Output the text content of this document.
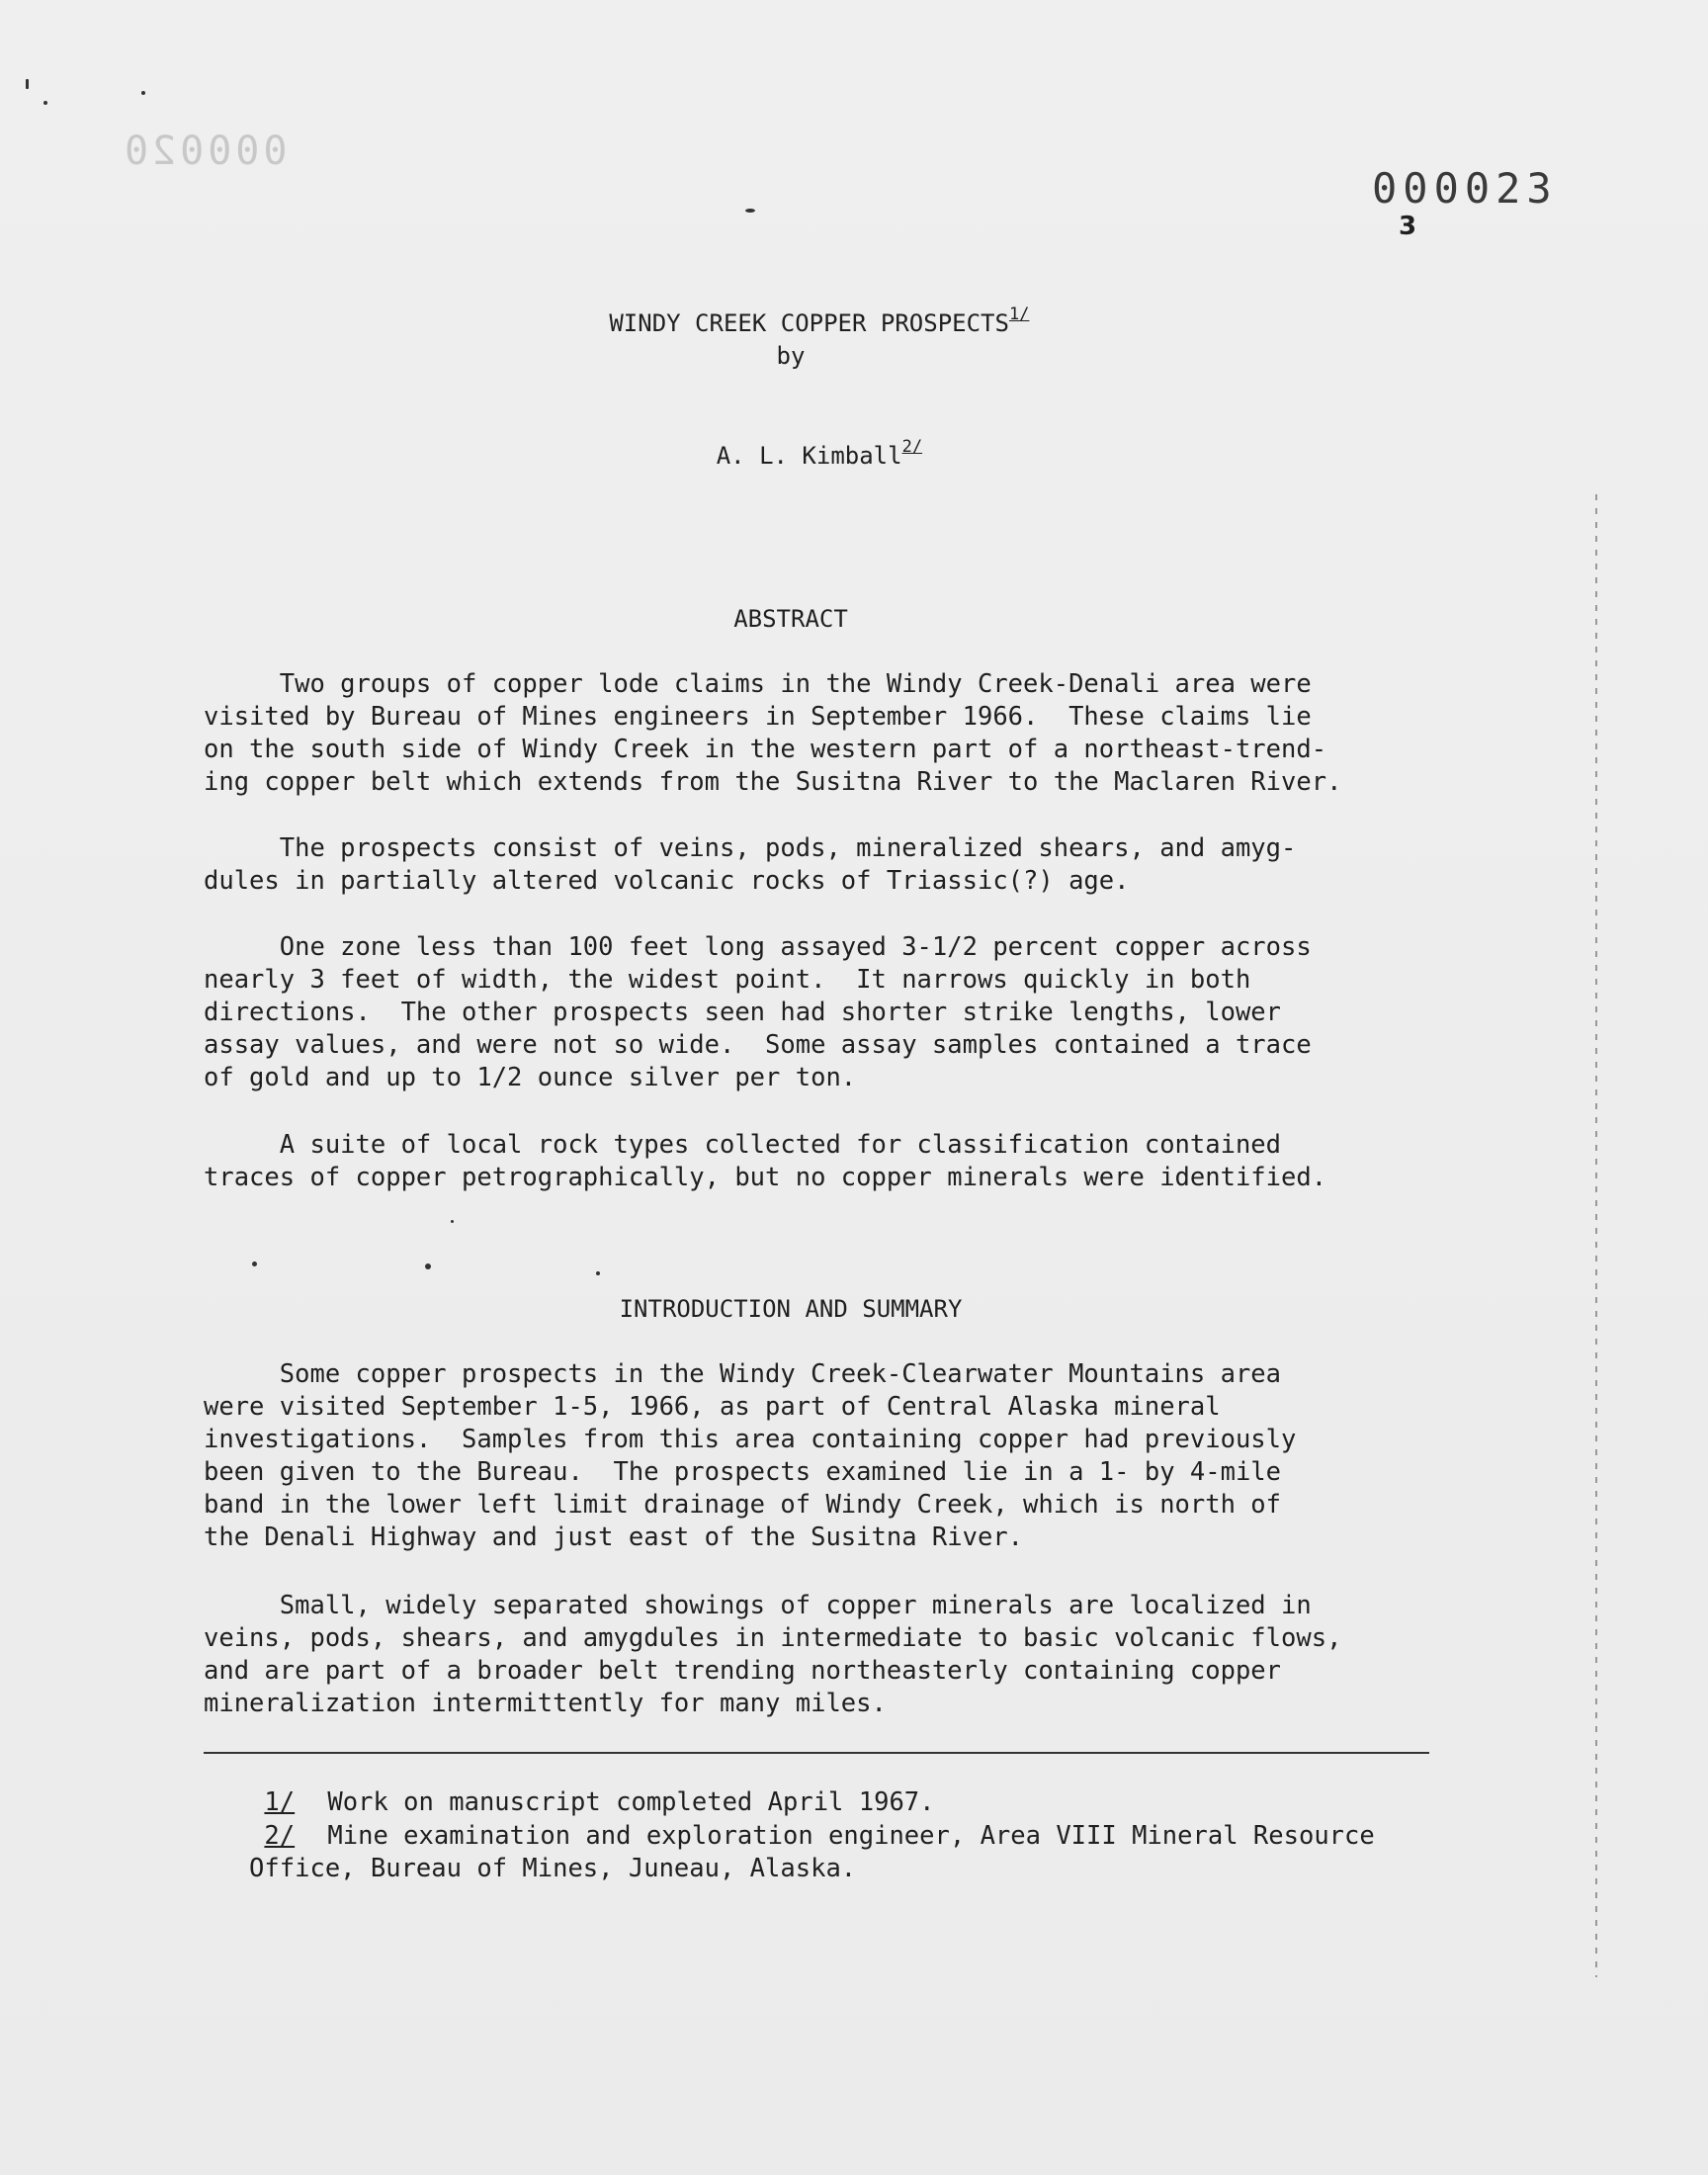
000020
000023
3

WINDY CREEK COPPER $PROSPECTS^{1/}$

by

A. L. Kimball$^{2/}$

ABSTRACT

Two groups of copper lode claims in the Windy Creek-Denali area were
visited by Bureau of Mines engineers in September 1966.  These claims lie
on the south side of Windy Creek in the western part of a northeast-trend-
ing copper belt which extends from the Susitna River to the Maclaren River.

The prospects consist of veins, pods, mineralized shears, and amyg-
dules in partially altered volcanic rocks of Triassic(?) age.

One zone less than 100 feet long assayed 3-1/2 percent copper across
nearly 3 feet of width, the widest point.  It narrows quickly in both
directions.  The other prospects seen had shorter strike lengths, lower
assay values, and were not so wide.  Some assay samples contained a trace
of gold and up to 1/2 ounce silver per ton.

A suite of local rock types collected for classification contained
traces of copper petrographically, but no copper minerals were identified.

INTRODUCTION AND SUMMARY

Some copper prospects in the Windy Creek-Clearwater Mountains area
were visited September 1-5, 1966, as part of Central Alaska mineral
investigations.  Samples from this area containing copper had previously
been given to the Bureau.  The prospects examined lie in a 1- by 4-mile
band in the lower left limit drainage of Windy Creek, which is north of
the Denali Highway and just east of the Susitna River.

Small, widely separated showings of copper minerals are localized in
veins, pods, shears, and amygdules in intermediate to basic volcanic flows,
and are part of a broader belt trending northeasterly containing copper
mineralization intermittently for many miles.

1/ Work on manuscript completed April 1967.

2/ Mine examination and exploration engineer, Area VIII Mineral Resource
Office, Bureau of Mines, Juneau, Alaska.
